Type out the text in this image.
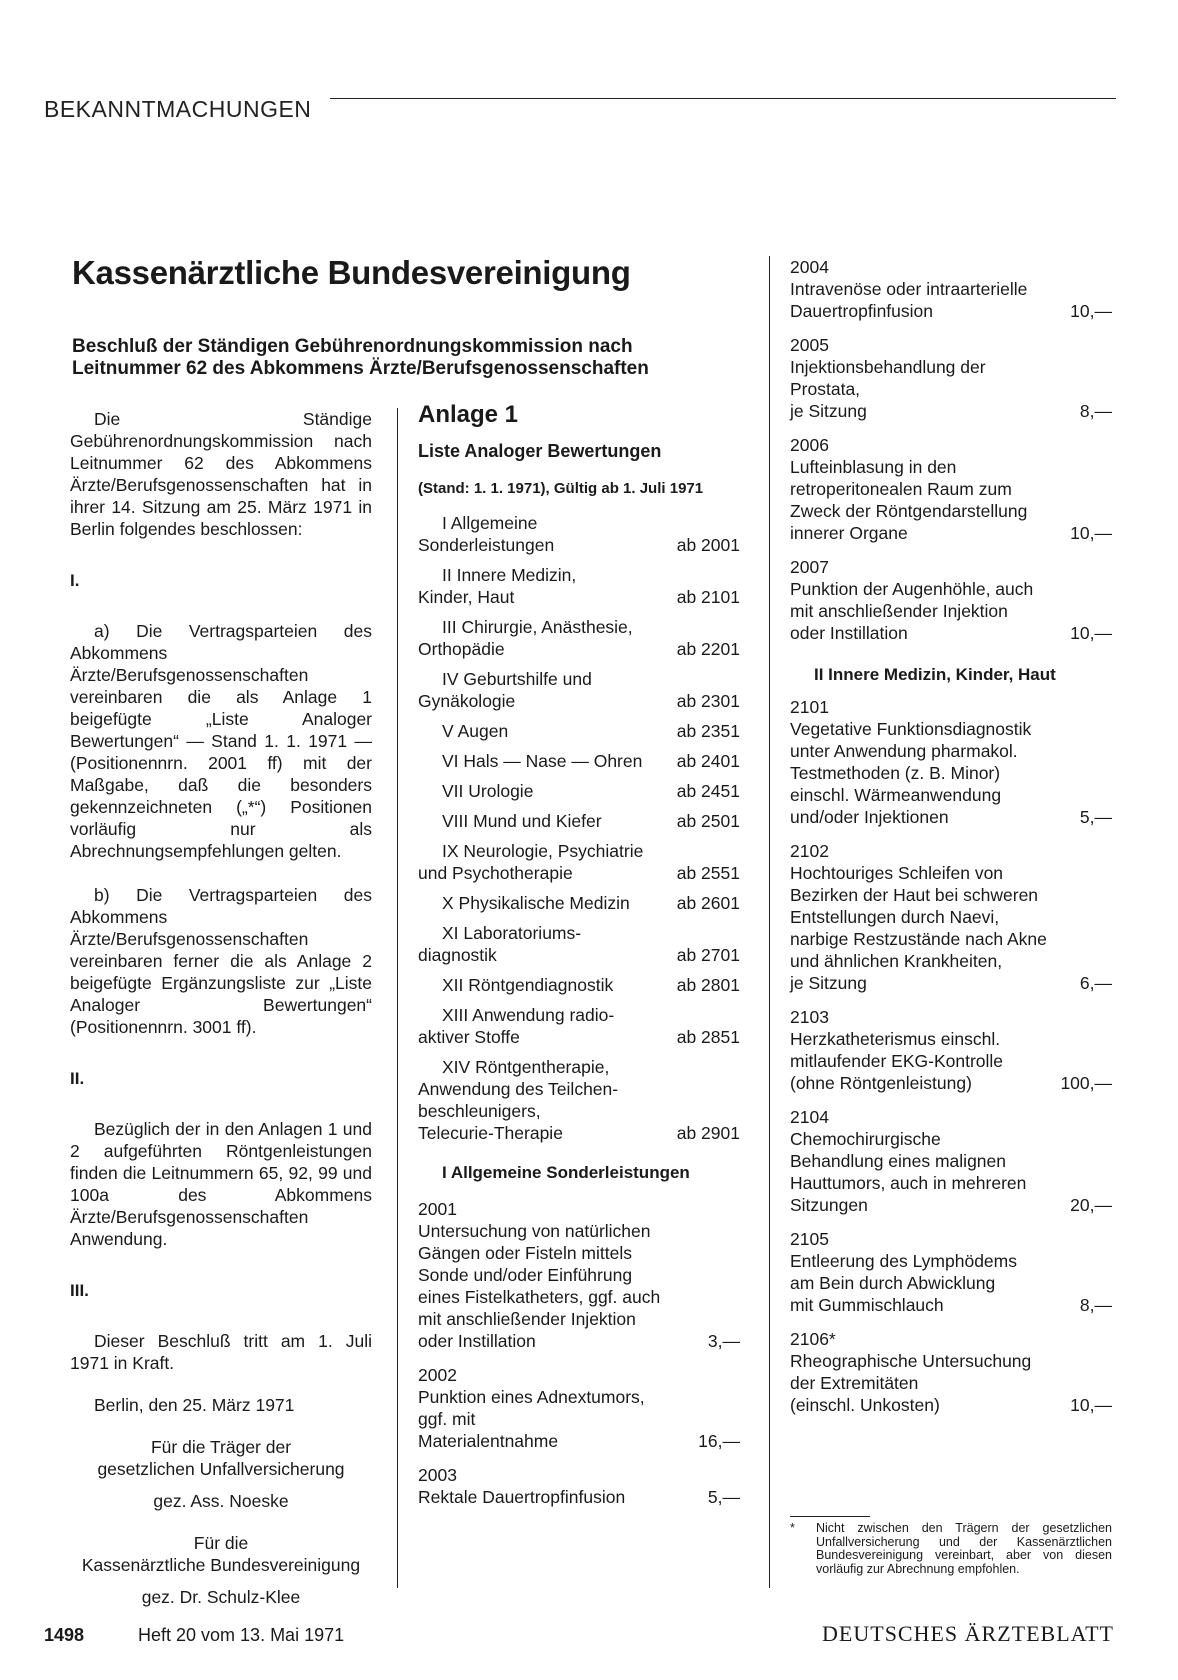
BEKANNTMACHUNGEN
Kassenärztliche Bundesvereinigung
Beschluß der Ständigen Gebührenordnungskommission nach
Leitnummer 62 des Abkommens Ärzte/Berufsgenossenschaften

Die Ständige Gebührenordnungskommission nach Leitnummer 62 des Abkommens Ärzte/Berufsgenossenschaften hat in ihrer 14. Sitzung am 25. März 1971 in Berlin folgendes beschlossen:

I.

a) Die Vertragsparteien des Abkommens Ärzte/Berufsgenossenschaften vereinbaren die als Anlage 1 beigefügte „Liste Analoger Bewertungen“ — Stand 1. 1. 1971 — (Positionennrn. 2001 ff) mit der Maßgabe, daß die besonders gekennzeichneten („*“) Positionen vorläufig nur als Abrechnungsempfehlungen gelten.

b) Die Vertragsparteien des Abkommens Ärzte/Berufsgenossenschaften vereinbaren ferner die als Anlage 2 beigefügte Ergänzungsliste zur „Liste Analoger Bewertungen“ (Positionennrn. 3001 ff).

II.

Bezüglich der in den Anlagen 1 und 2 aufgeführten Röntgenleistungen finden die Leitnummern 65, 92, 99 und 100a des Abkommens Ärzte/Berufsgenossenschaften Anwendung.

III.

Dieser Beschluß tritt am 1. Juli 1971 in Kraft.

Berlin, den 25. März 1971
Für die Träger der
gesetzlichen Unfallversicherung
gez. Ass. Noeske
Für die
Kassenärztliche Bundesvereinigung
gez. Dr. Schulz-Klee
Anlage 1
Liste Analoger Bewertungen
(Stand: 1. 1. 1971), Gültig ab 1. Juli 1971
I Allgemeine
Sonderleistungen	ab 2001
II Innere Medizin,
Kinder, Haut	ab 2101
III Chirurgie, Anästhesie,
Orthopädie	ab 2201
IV Geburtshilfe und
Gynäkologie	ab 2301
V Augen	ab 2351
VI Hals — Nase — Ohren	ab 2401
VII Urologie	ab 2451
VIII Mund und Kiefer	ab 2501
IX Neurologie, Psychiatrie
und Psychotherapie	ab 2551
X Physikalische Medizin	ab 2601
XI Laboratoriums-
diagnostik	ab 2701
XII Röntgendiagnostik	ab 2801
XIII Anwendung radio-
aktiver Stoffe	ab 2851
XIV Röntgentherapie,
Anwendung des Teilchen-
beschleunigers,
Telecurie-Therapie	ab 2901
I Allgemeine Sonderleistungen
2001
Untersuchung von natürlichen
Gängen oder Fisteln mittels
Sonde und/oder Einführung
eines Fistelkatheters, ggf. auch
mit anschließender Injektion
oder Instillation	3,—
2002
Punktion eines Adnextumors,
ggf. mit
Materialentnahme	16,—
2003
Rektale Dauertropfinfusion	5,—
2004
Intravenöse oder intraarterielle
Dauertropfinfusion	10,—
2005
Injektionsbehandlung der
Prostata,
je Sitzung	8,—
2006
Lufteinblasung in den
retroperitonealen Raum zum
Zweck der Röntgendarstellung
innerer Organe	10,—
2007
Punktion der Augenhöhle, auch
mit anschließender Injektion
oder Instillation	10,—
II Innere Medizin, Kinder, Haut
2101
Vegetative Funktionsdiagnostik
unter Anwendung pharmakol.
Testmethoden (z. B. Minor)
einschl. Wärmeanwendung
und/oder Injektionen	5,—
2102
Hochtouriges Schleifen von
Bezirken der Haut bei schweren
Entstellungen durch Naevi,
narbige Restzustände nach Akne
und ähnlichen Krankheiten,
je Sitzung	6,—
2103
Herzkatheterismus einschl.
mitlaufender EKG-Kontrolle
(ohne Röntgenleistung)	100,—
2104
Chemochirurgische
Behandlung eines malignen
Hauttumors, auch in mehreren
Sitzungen	20,—
2105
Entleerung des Lymphödems
am Bein durch Abwicklung
mit Gummischlauch	8,—
2106*
Rheographische Untersuchung
der Extremitäten
(einschl. Unkosten)	10,—
*	Nicht zwischen den Trägern der gesetzlichen Unfallversicherung und der Kassenärztlichen Bundesvereinigung vereinbart, aber von diesen vorläufig zur Abrechnung empfohlen.
1498	Heft 20 vom 13. Mai 1971	DEUTSCHES ÄRZTEBLATT
